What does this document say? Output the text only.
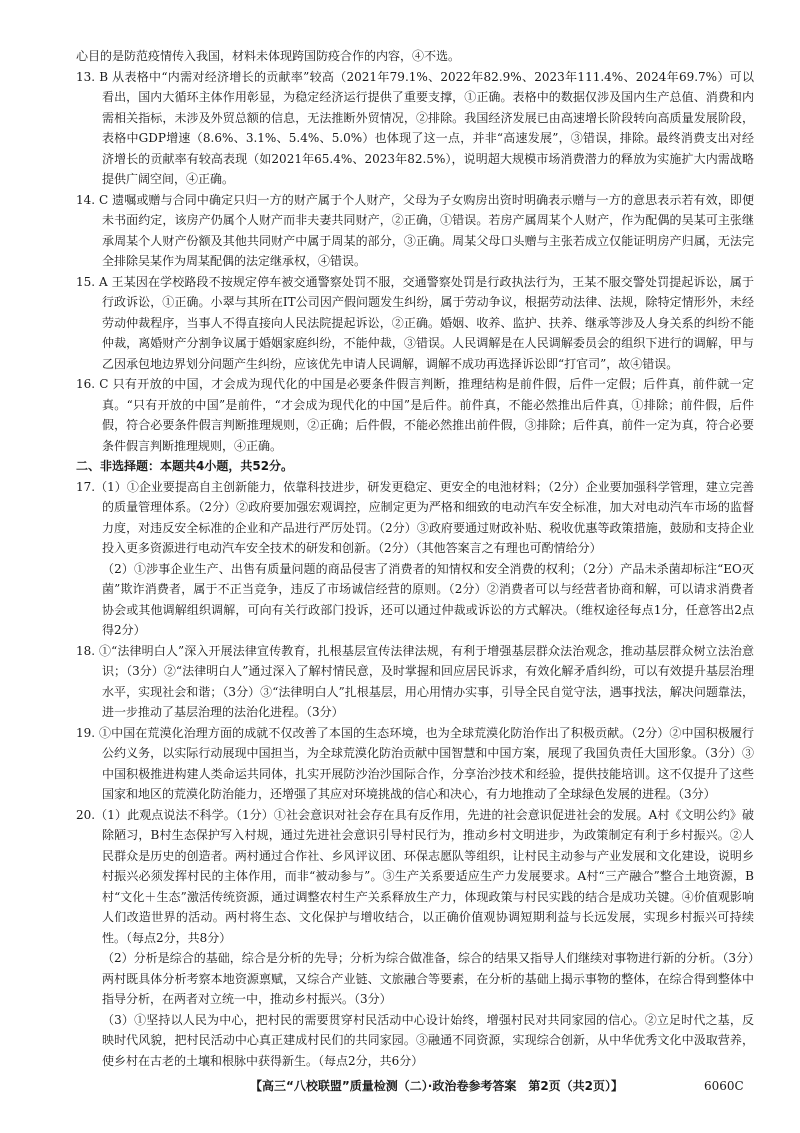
心目的是防范疫情传入我国，材料未体现跨国防疫合作的内容，④不选。
13. B 从表格中“内需对经济增长的贡献率”较高（2021年79.1%、2022年82.9%、2023年111.4%、2024年69.7%）可以看出，国内大循环主体作用彰显，为稳定经济运行提供了重要支撑，①正确。表格中的数据仅涉及国内生产总值、消费和内需相关指标，未涉及外贸总额的信息，无法推断外贸情况，②排除。我国经济发展已由高速增长阶段转向高质量发展阶段，表格中GDP增速（8.6%、3.1%、5.4%、5.0%）也体现了这一点，并非“高速发展”，③错误，排除。最终消费支出对经济增长的贡献率有较高表现（如2021年65.4%、2023年82.5%），说明超大规模市场消费潜力的释放为实施扩大内需战略提供广阔空间，④正确。
14. C 遗嘱或赠与合同中确定只归一方的财产属于个人财产，父母为子女购房出资时明确表示赠与一方的意思表示若有效，即便未书面约定，该房产仍属个人财产而非夫妻共同财产，②正确，①错误。若房产属周某个人财产，作为配偶的吴某可主张继承周某个人财产份额及其他共同财产中属于周某的部分，③正确。周某父母口头赠与主张若成立仅能证明房产归属，无法完全排除吴某作为周某配偶的法定继承权，④错误。
15. A 王某因在学校路段不按规定停车被交通警察处罚不服，交通警察处罚是行政执法行为，王某不服交警处罚提起诉讼，属于行政诉讼，①正确。小翠与其所在IT公司因产假问题发生纠纷，属于劳动争议，根据劳动法律、法规，除特定情形外，未经劳动仲裁程序，当事人不得直接向人民法院提起诉讼，②正确。婚姻、收养、监护、扶养、继承等涉及人身关系的纠纷不能仲裁，离婚财产分割争议属于婚姻家庭纠纷，不能仲裁，③错误。人民调解是在人民调解委员会的组织下进行的调解，甲与乙因承包地边界划分问题产生纠纷，应该优先申请人民调解，调解不成功再选择诉讼即“打官司”，故④错误。
16. C 只有开放的中国，才会成为现代化的中国是必要条件假言判断，推理结构是前件假，后件一定假；后件真，前件就一定真。“只有开放的中国”是前件，“才会成为现代化的中国”是后件。前件真，不能必然推出后件真，①排除；前件假，后件假，符合必要条件假言判断推理规则，②正确；后件假，不能必然推出前件假，③排除；后件真，前件一定为真，符合必要条件假言判断推理规则，④正确。
二、非选择题：本题共4小题，共52分。
17.（1）①企业要提高自主创新能力，依靠科技进步，研发更稳定、更安全的电池材料；（2分）企业要加强科学管理，建立完善的质量管理体系。（2分）②政府要加强宏观调控，应制定更为严格和细致的电动汽车安全标准，加大对电动汽车市场的监督力度，对违反安全标准的企业和产品进行严厉处罚。（2分）③政府要通过财政补贴、税收优惠等政策措施，鼓励和支持企业投入更多资源进行电动汽车安全技术的研发和创新。（2分）（其他答案言之有理也可酌情给分）
（2）①涉事企业生产、出售有质量问题的商品侵害了消费者的知情权和安全消费的权利；（2分）产品未杀菌却标注“EO灭菌”欺诈消费者，属于不正当竞争，违反了市场诚信经营的原则。（2分）②消费者可以与经营者协商和解，可以请求消费者协会或其他调解组织调解，可向有关行政部门投诉，还可以通过仲裁或诉讼的方式解决。（维权途径每点1分，任意答出2点得2分）
18. ①“法律明白人”深入开展法律宣传教育，扎根基层宣传法律法规，有利于增强基层群众法治观念，推动基层群众树立法治意识；（3分）②“法律明白人”通过深入了解村情民意，及时掌握和回应居民诉求，有效化解矛盾纠纷，可以有效提升基层治理水平，实现社会和谐；（3分）③“法律明白人”扎根基层，用心用情办实事，引导全民自觉守法，遇事找法，解决问题靠法，进一步推动了基层治理的法治化进程。（3分）
19. ①中国在荒漠化治理方面的成就不仅改善了本国的生态环境，也为全球荒漠化防治作出了积极贡献。（2分）②中国积极履行公约义务，以实际行动展现中国担当，为全球荒漠化防治贡献中国智慧和中国方案，展现了我国负责任大国形象。（3分）③中国积极推进构建人类命运共同体，扎实开展防沙治沙国际合作，分享治沙技术和经验，提供技能培训。这不仅提升了这些国家和地区的荒漠化防治能力，还增强了其应对环境挑战的信心和决心，有力地推动了全球绿色发展的进程。（3分）
20.（1）此观点说法不科学。（1分）①社会意识对社会存在具有反作用，先进的社会意识促进社会的发展。A村《文明公约》破除陋习，B村生态保护写入村规，通过先进社会意识引导村民行为，推动乡村文明进步，为政策制定有利于乡村振兴。②人民群众是历史的创造者。两村通过合作社、乡风评议团、环保志愿队等组织，让村民主动参与产业发展和文化建设，说明乡村振兴必须发挥村民的主体作用，而非“被动参与”。③生产关系要适应生产力发展要求。A村“三产融合”整合土地资源，B村“文化＋生态”激活传统资源，通过调整农村生产关系释放生产力，体现政策与村民实践的结合是成功关键。④价值观影响人们改造世界的活动。两村将生态、文化保护与增收结合，以正确价值观协调短期利益与长远发展，实现乡村振兴可持续性。（每点2分，共8分）
（2）分析是综合的基础，综合是分析的先导；分析为综合做准备，综合的结果又指导人们继续对事物进行新的分析。（3分）两村既具体分析考察本地资源禀赋，又综合产业链、文旅融合等要素，在分析的基础上揭示事物的整体，在综合得到整体中指导分析，在两者对立统一中，推动乡村振兴。（3分）
（3）①坚持以人民为中心，把村民的需要贯穿村民活动中心设计始终，增强村民对共同家园的信心。②立足时代之基，反映时代风貌，把村民活动中心真正建成村民们的共同家园。③融通不同资源，实现综合创新，从中华优秀文化中汲取营养，使乡村在古老的土壤和根脉中获得新生。（每点2分，共6分）
【高三“八校联盟”质量检测（二）·政治卷参考答案　第2页（共2页）】	6060C
